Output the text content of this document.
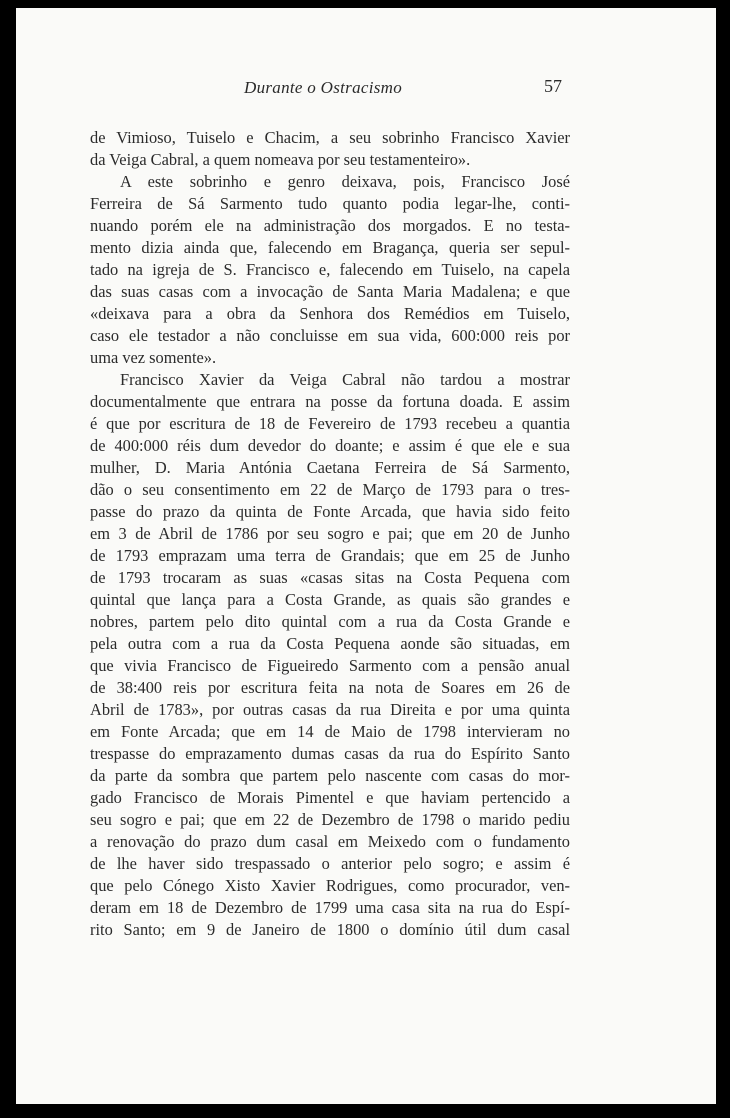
Durante o Ostracismo	57
de Vimioso, Tuiselo e Chacim, a seu sobrinho Francisco Xavier
da Veiga Cabral, a quem nomeava por seu testamenteiro».
A este sobrinho e genro deixava, pois, Francisco José
Ferreira de Sá Sarmento tudo quanto podia legar-lhe, conti-
nuando porém ele na administração dos morgados. E no testa-
mento dizia ainda que, falecendo em Bragança, queria ser sepul-
tado na igreja de S. Francisco e, falecendo em Tuiselo, na capela
das suas casas com a invocação de Santa Maria Madalena; e que
«deixava para a obra da Senhora dos Remédios em Tuiselo,
caso ele testador a não concluisse em sua vida, 600:000 reis por
uma vez somente».
Francisco Xavier da Veiga Cabral não tardou a mostrar
documentalmente que entrara na posse da fortuna doada. E assim
é que por escritura de 18 de Fevereiro de 1793 recebeu a quantia
de 400:000 réis dum devedor do doante; e assim é que ele e sua
mulher, D. Maria Antónia Caetana Ferreira de Sá Sarmento,
dão o seu consentimento em 22 de Março de 1793 para o tres-
passe do prazo da quinta de Fonte Arcada, que havia sido feito
em 3 de Abril de 1786 por seu sogro e pai; que em 20 de Junho
de 1793 emprazam uma terra de Grandais; que em 25 de Junho
de 1793 trocaram as suas «casas sitas na Costa Pequena com
quintal que lança para a Costa Grande, as quais são grandes e
nobres, partem pelo dito quintal com a rua da Costa Grande e
pela outra com a rua da Costa Pequena aonde são situadas, em
que vivia Francisco de Figueiredo Sarmento com a pensão anual
de 38:400 reis por escritura feita na nota de Soares em 26 de
Abril de 1783», por outras casas da rua Direita e por uma quinta
em Fonte Arcada; que em 14 de Maio de 1798 intervieram no
trespasse do emprazamento dumas casas da rua do Espírito Santo
da parte da sombra que partem pelo nascente com casas do mor-
gado Francisco de Morais Pimentel e que haviam pertencido a
seu sogro e pai; que em 22 de Dezembro de 1798 o marido pediu
a renovação do prazo dum casal em Meixedo com o fundamento
de lhe haver sido trespassado o anterior pelo sogro; e assim é
que pelo Cónego Xisto Xavier Rodrigues, como procurador, ven-
deram em 18 de Dezembro de 1799 uma casa sita na rua do Espí-
rito Santo; em 9 de Janeiro de 1800 o domínio útil dum casal
